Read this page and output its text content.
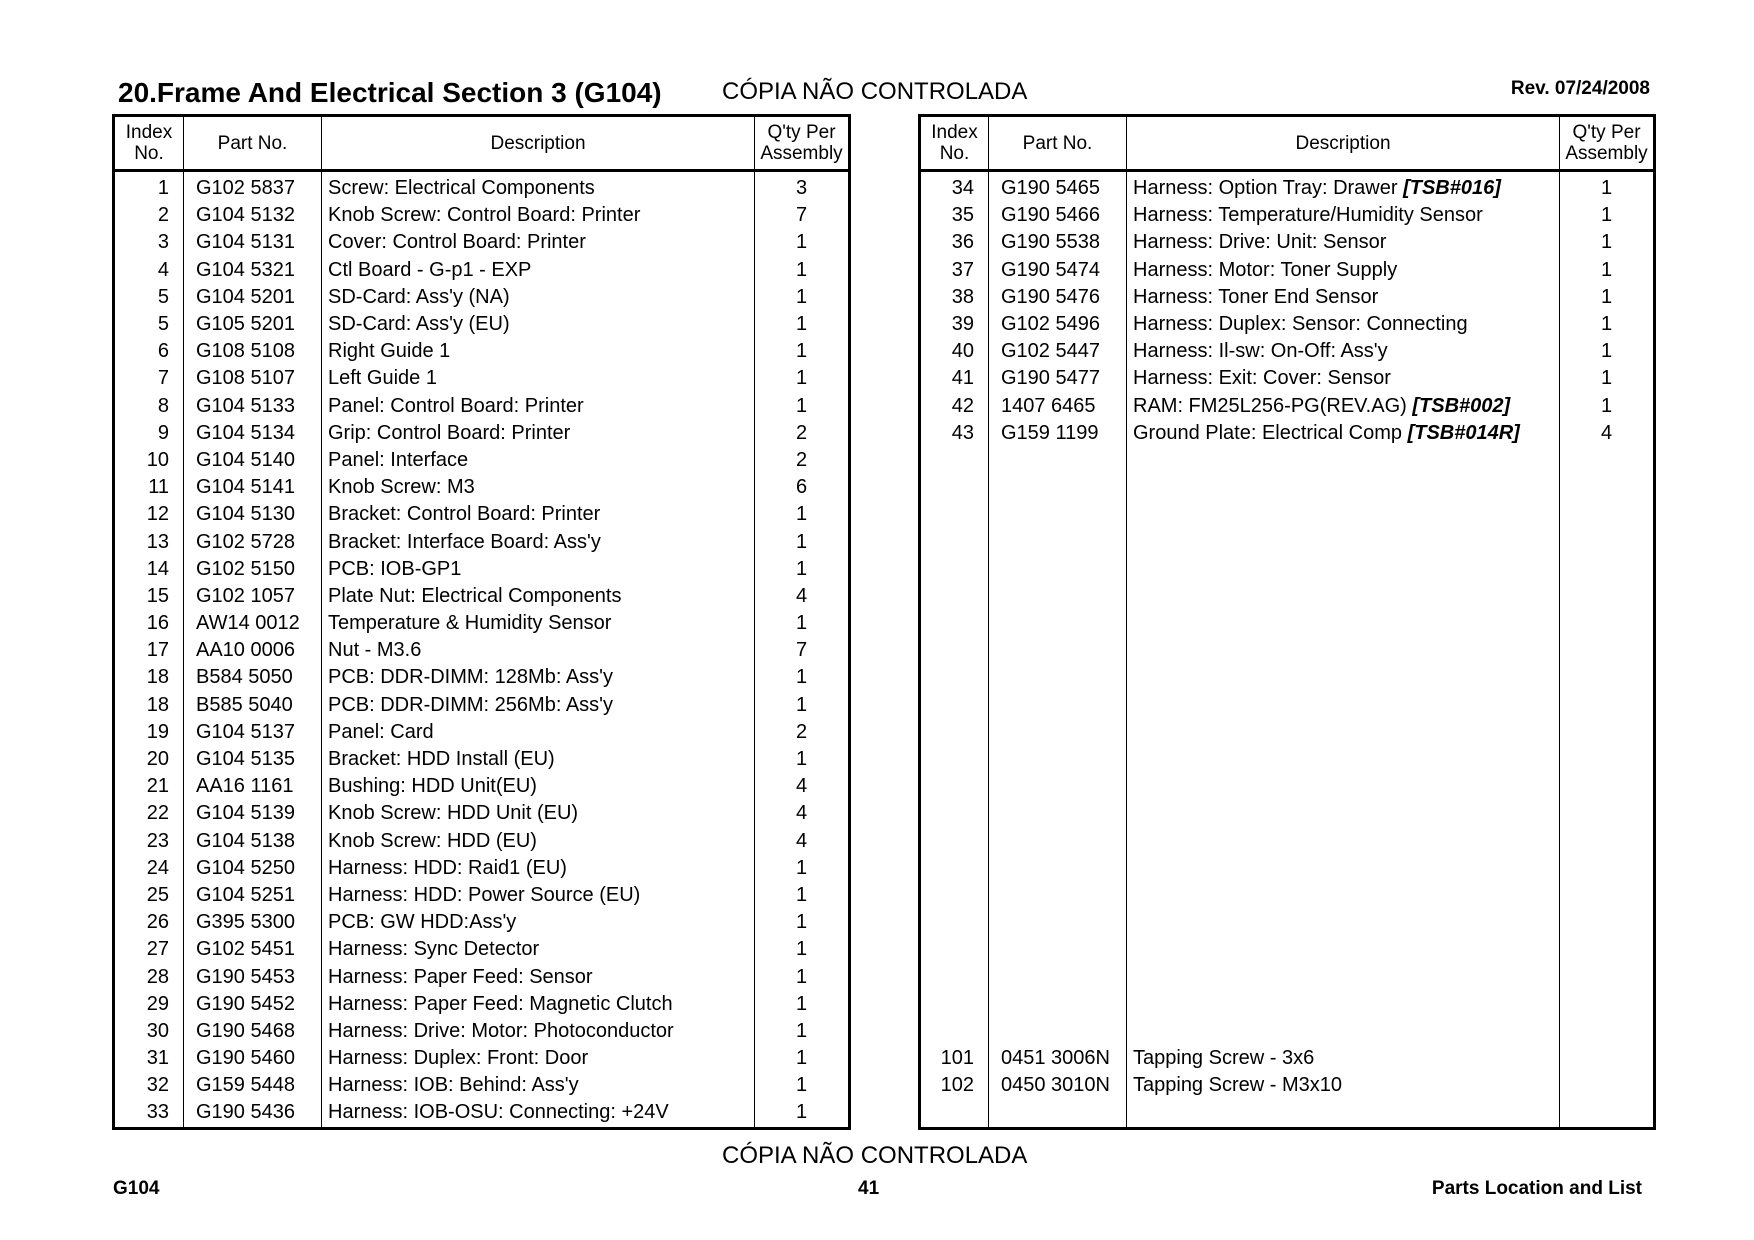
20.Frame And Electrical Section 3 (G104)	CÓPIA NÃO CONTROLADA	Rev. 07/24/2008
Index No.	Part No.	Description	Q'ty Per Assembly
1	G102 5837	Screw: Electrical Components	3
2	G104 5132	Knob Screw: Control Board: Printer	7
3	G104 5131	Cover: Control Board: Printer	1
4	G104 5321	Ctl Board - G-p1 - EXP	1
5	G104 5201	SD-Card: Ass'y (NA)	1
5	G105 5201	SD-Card: Ass'y (EU)	1
6	G108 5108	Right Guide 1	1
7	G108 5107	Left Guide 1	1
8	G104 5133	Panel: Control Board: Printer	1
9	G104 5134	Grip: Control Board: Printer	2
10	G104 5140	Panel: Interface	2
11	G104 5141	Knob Screw: M3	6
12	G104 5130	Bracket: Control Board: Printer	1
13	G102 5728	Bracket: Interface Board: Ass'y	1
14	G102 5150	PCB: IOB-GP1	1
15	G102 1057	Plate Nut: Electrical Components	4
16	AW14 0012	Temperature & Humidity Sensor	1
17	AA10 0006	Nut - M3.6	7
18	B584 5050	PCB: DDR-DIMM: 128Mb: Ass'y	1
18	B585 5040	PCB: DDR-DIMM: 256Mb: Ass'y	1
19	G104 5137	Panel: Card	2
20	G104 5135	Bracket: HDD Install (EU)	1
21	AA16 1161	Bushing: HDD Unit(EU)	4
22	G104 5139	Knob Screw: HDD Unit (EU)	4
23	G104 5138	Knob Screw: HDD (EU)	4
24	G104 5250	Harness: HDD: Raid1 (EU)	1
25	G104 5251	Harness: HDD: Power Source (EU)	1
26	G395 5300	PCB: GW HDD:Ass'y	1
27	G102 5451	Harness: Sync Detector	1
28	G190 5453	Harness: Paper Feed: Sensor	1
29	G190 5452	Harness: Paper Feed: Magnetic Clutch	1
30	G190 5468	Harness: Drive: Motor: Photoconductor	1
31	G190 5460	Harness: Duplex: Front: Door	1
32	G159 5448	Harness: IOB: Behind: Ass'y	1
33	G190 5436	Harness: IOB-OSU: Connecting: +24V	1
Index No.	Part No.	Description	Q'ty Per Assembly
34	G190 5465	Harness: Option Tray: Drawer [TSB#016]	1
35	G190 5466	Harness: Temperature/Humidity Sensor	1
36	G190 5538	Harness: Drive: Unit: Sensor	1
37	G190 5474	Harness: Motor: Toner Supply	1
38	G190 5476	Harness: Toner End Sensor	1
39	G102 5496	Harness: Duplex: Sensor: Connecting	1
40	G102 5447	Harness: Il-sw: On-Off: Ass'y	1
41	G190 5477	Harness: Exit: Cover: Sensor	1
42	1407 6465	RAM: FM25L256-PG(REV.AG) [TSB#002]	1
43	G159 1199	Ground Plate: Electrical Comp [TSB#014R]	4

101	0451 3006N	Tapping Screw - 3x6	
102	0450 3010N	Tapping Screw - M3x10	

CÓPIA NÃO CONTROLADA
G104	41	Parts Location and List
